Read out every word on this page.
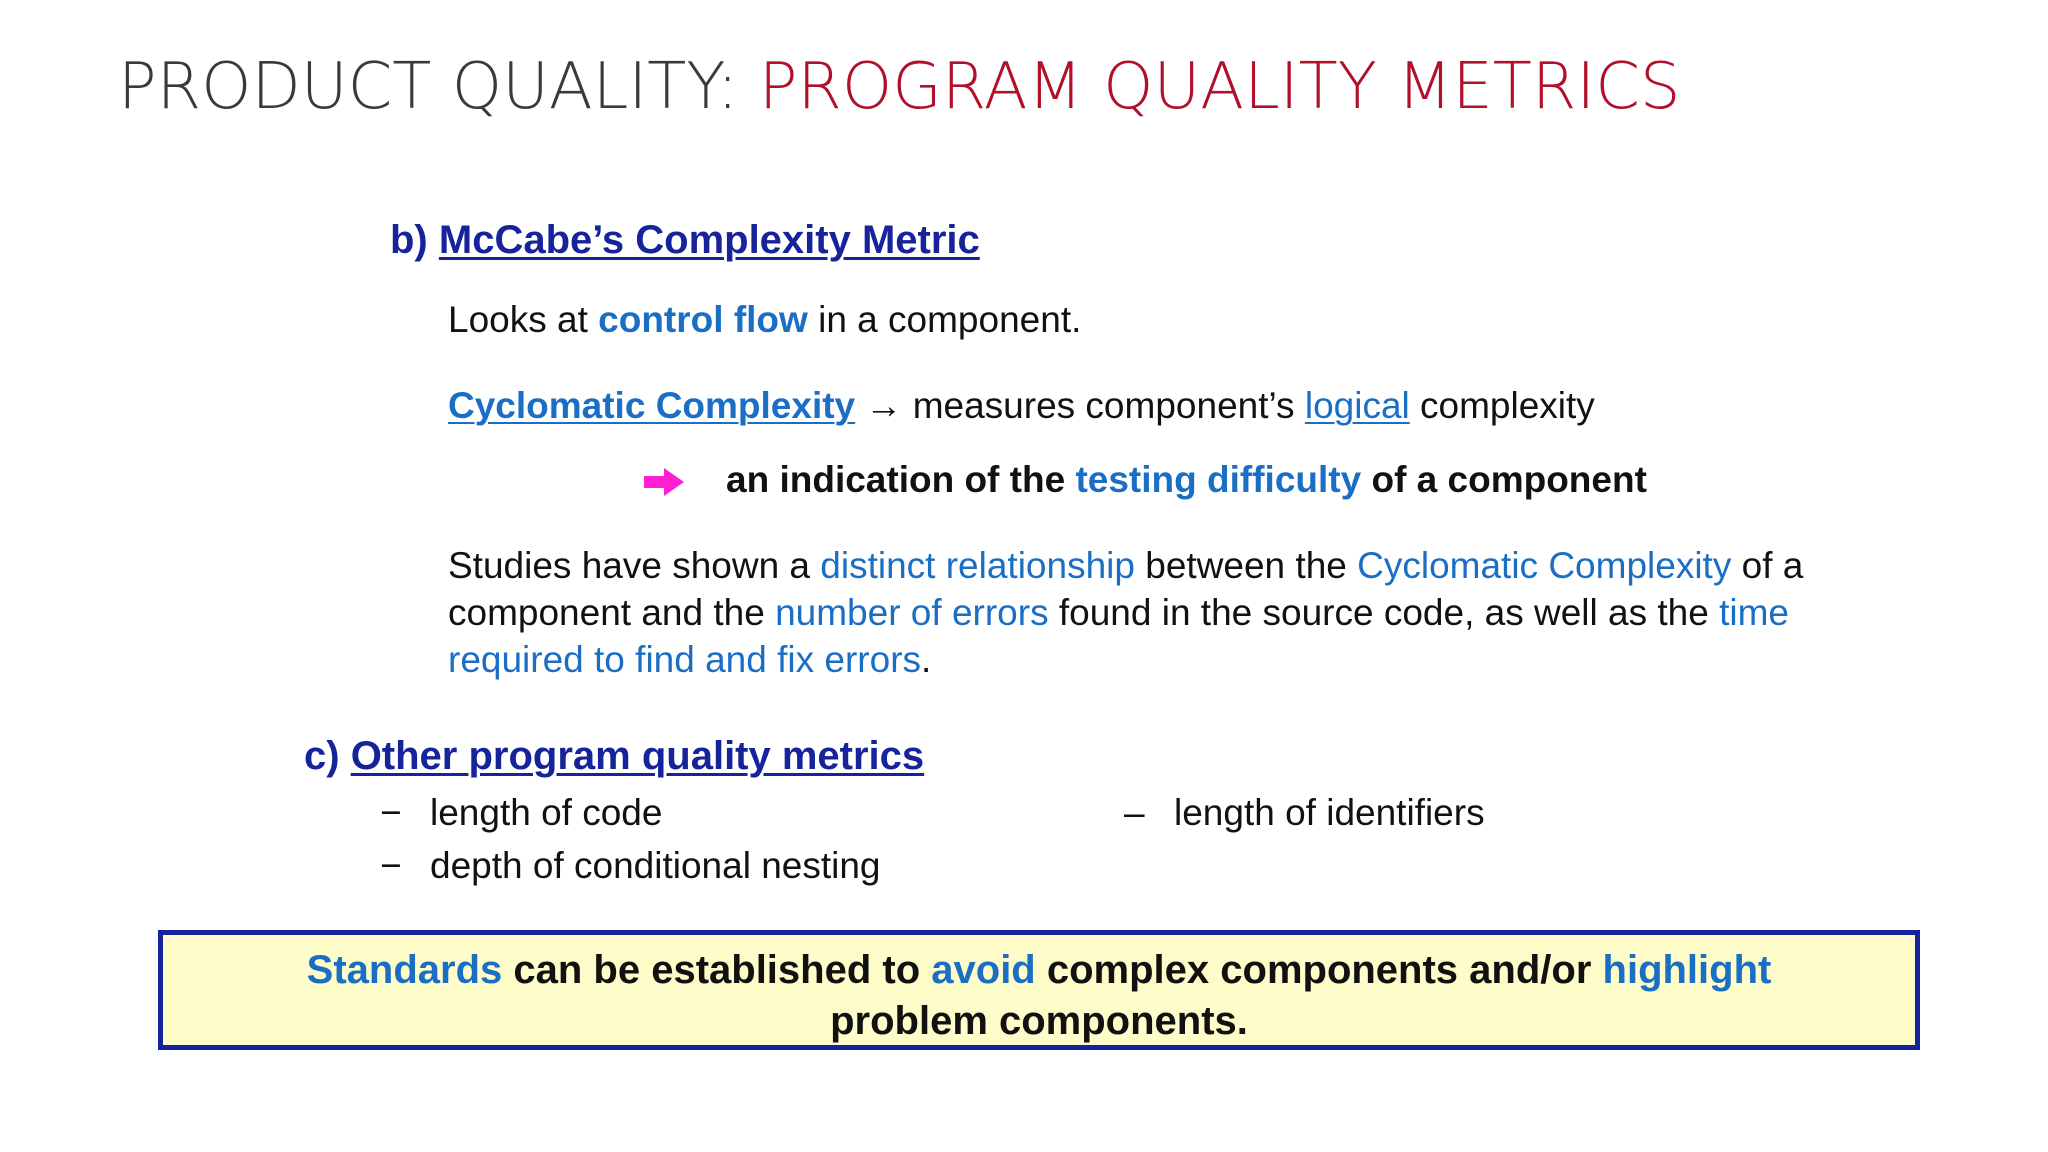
PRODUCT QUALITY: PROGRAM QUALITY METRICS
b) McCabe’s Complexity Metric
Looks at control flow in a component.
Cyclomatic Complexity → measures component’s logical complexity
an indication of the testing difficulty of a component
Studies have shown a distinct relationship between the Cyclomatic Complexity of a
component and the number of errors found in the source code, as well as the time
required to find and fix errors.
c) Other program quality metrics
− length of code
− depth of conditional nesting
– length of identifiers
Standards can be established to avoid complex components and/or highlight
problem components.
